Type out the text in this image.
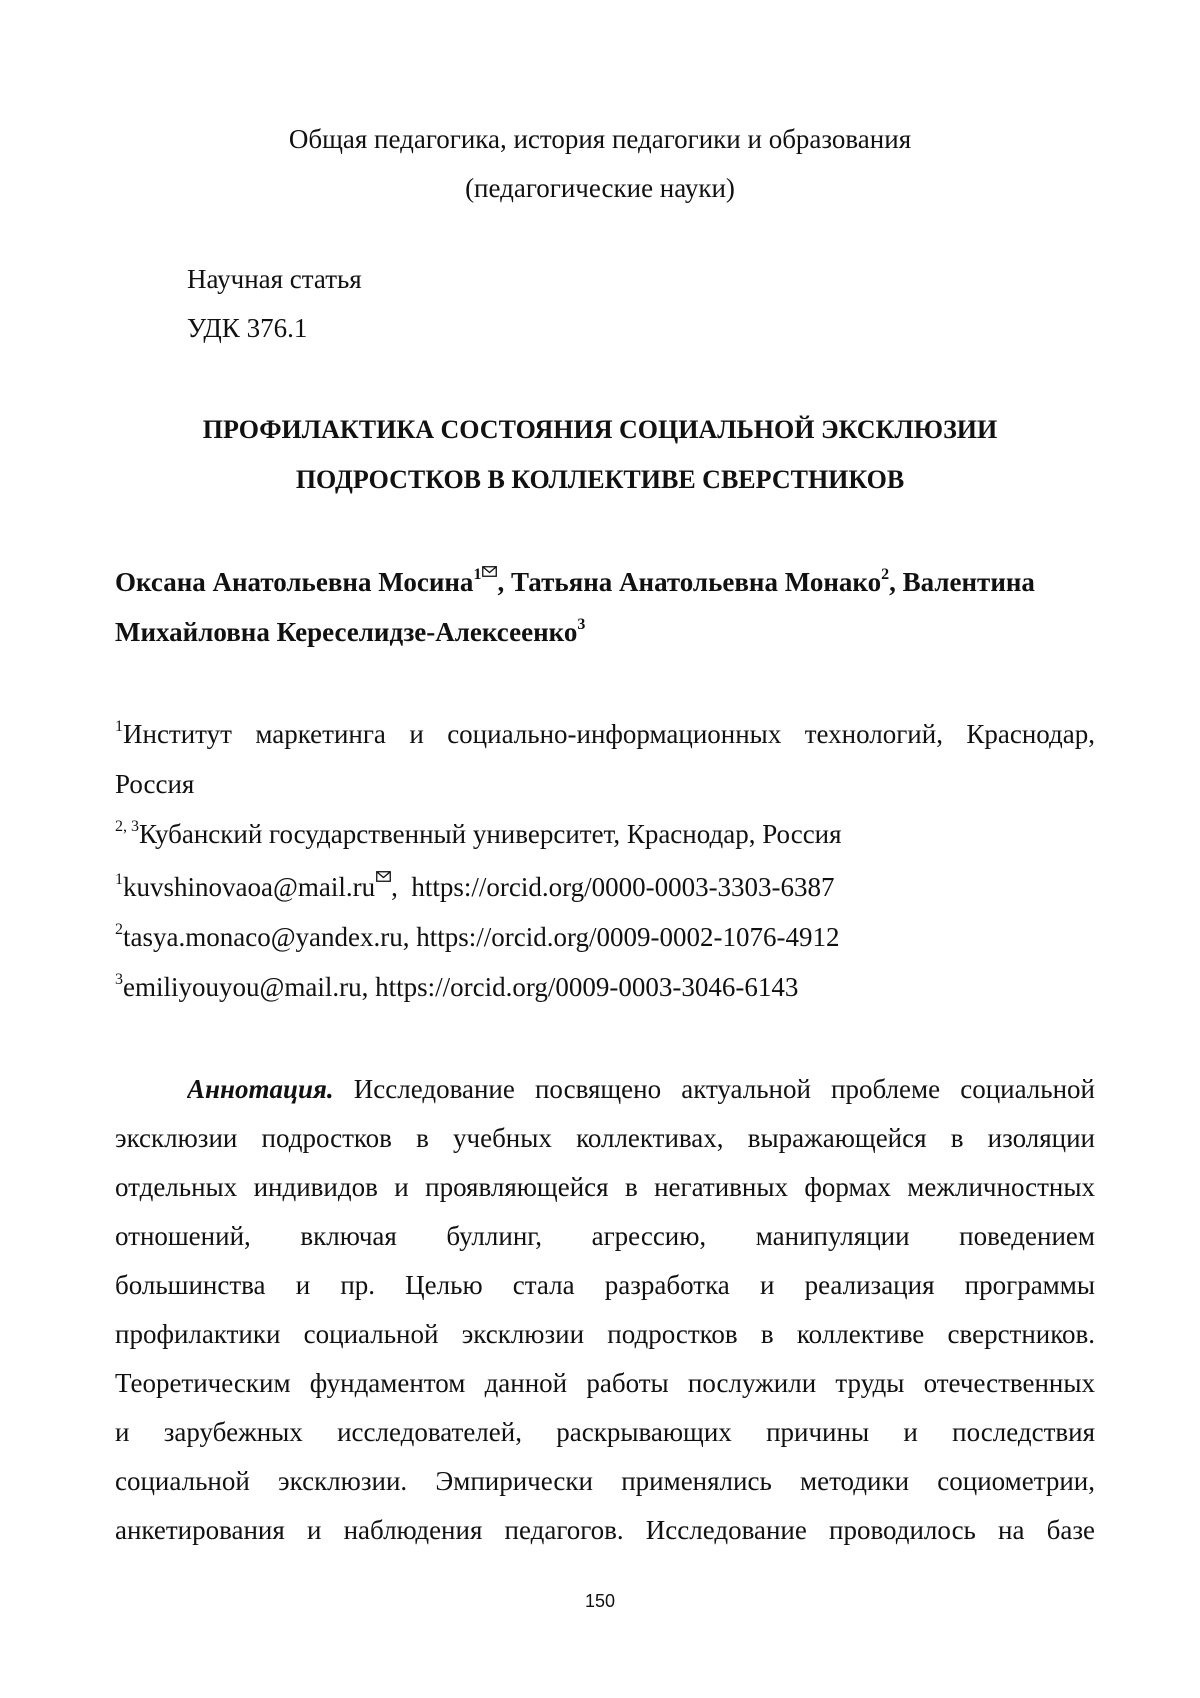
Общая педагогика, история педагогики и образования
(педагогические науки)
Научная статья
УДК 376.1
ПРОФИЛАКТИКА СОСТОЯНИЯ СОЦИАЛЬНОЙ ЭКСКЛЮЗИИ
ПОДРОСТКОВ В КОЛЛЕКТИВЕ СВЕРСТНИКОВ
Оксана Анатольевна Мосина$^1$ , Татьяна Анатольевна Монако$^2$, Валентина
Михайловна Кереселидзе-Алексеенко$^3$
$^1$Институт маркетинга и социально-информационных технологий, Краснодар,
Россия
$^{2, 3}$Кубанский государственный университет, Краснодар, Россия
$^1$kuvshinovaoa@mail.ru ,  https://orcid.org/0000-0003-3303-6387
$^2$tasya.monaco@yandex.ru, https://orcid.org/0009-0002-1076-4912
$^3$emiliyouyou@mail.ru, https://orcid.org/0009-0003-3046-6143
Аннотация. Исследование посвящено актуальной проблеме социальной
эксклюзии подростков в учебных коллективах, выражающейся в изоляции
отдельных индивидов и проявляющейся в негативных формах межличностных
отношений, включая буллинг, агрессию, манипуляции поведением
большинства и пр. Целью стала разработка и реализация программы
профилактики социальной эксклюзии подростков в коллективе сверстников.
Теоретическим фундаментом данной работы послужили труды отечественных
и зарубежных исследователей, раскрывающих причины и последствия
социальной эксклюзии. Эмпирически применялись методики социометрии,
анкетирования и наблюдения педагогов. Исследование проводилось на базе
150
